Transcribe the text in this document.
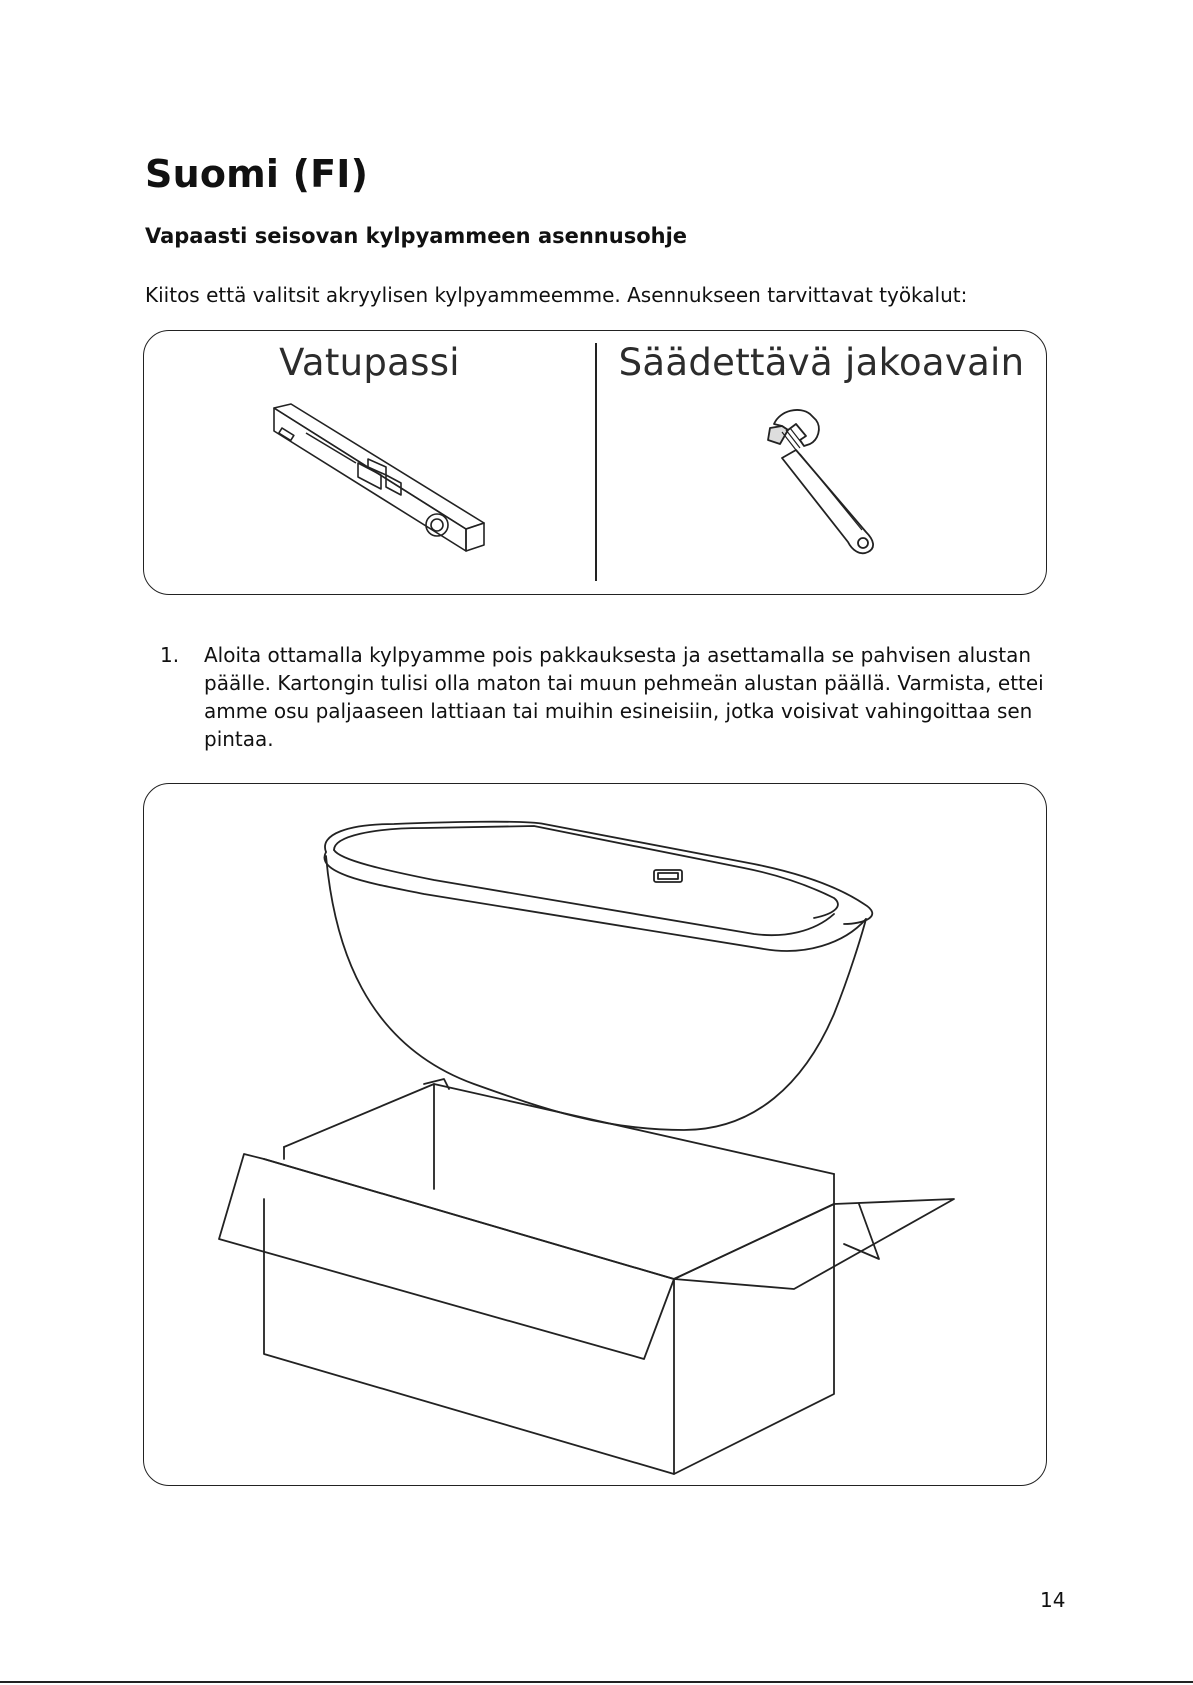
Suomi (FI)
Vapaasti seisovan kylpyammeen asennusohje

Kiitos että valitsit akryylisen kylpyammeemme. Asennukseen tarvittavat työkalut:

Vatupassi	Säädettävä jakoavain
1. Aloita ottamalla kylpyamme pois pakkauksesta ja asettamalla se pahvisen alustan päälle. Kartongin tulisi olla maton tai muun pehmeän alustan päällä. Varmista, ettei amme osu paljaaseen lattiaan tai muihin esineisiin, jotka voisivat vahingoittaa sen pintaa.
14
